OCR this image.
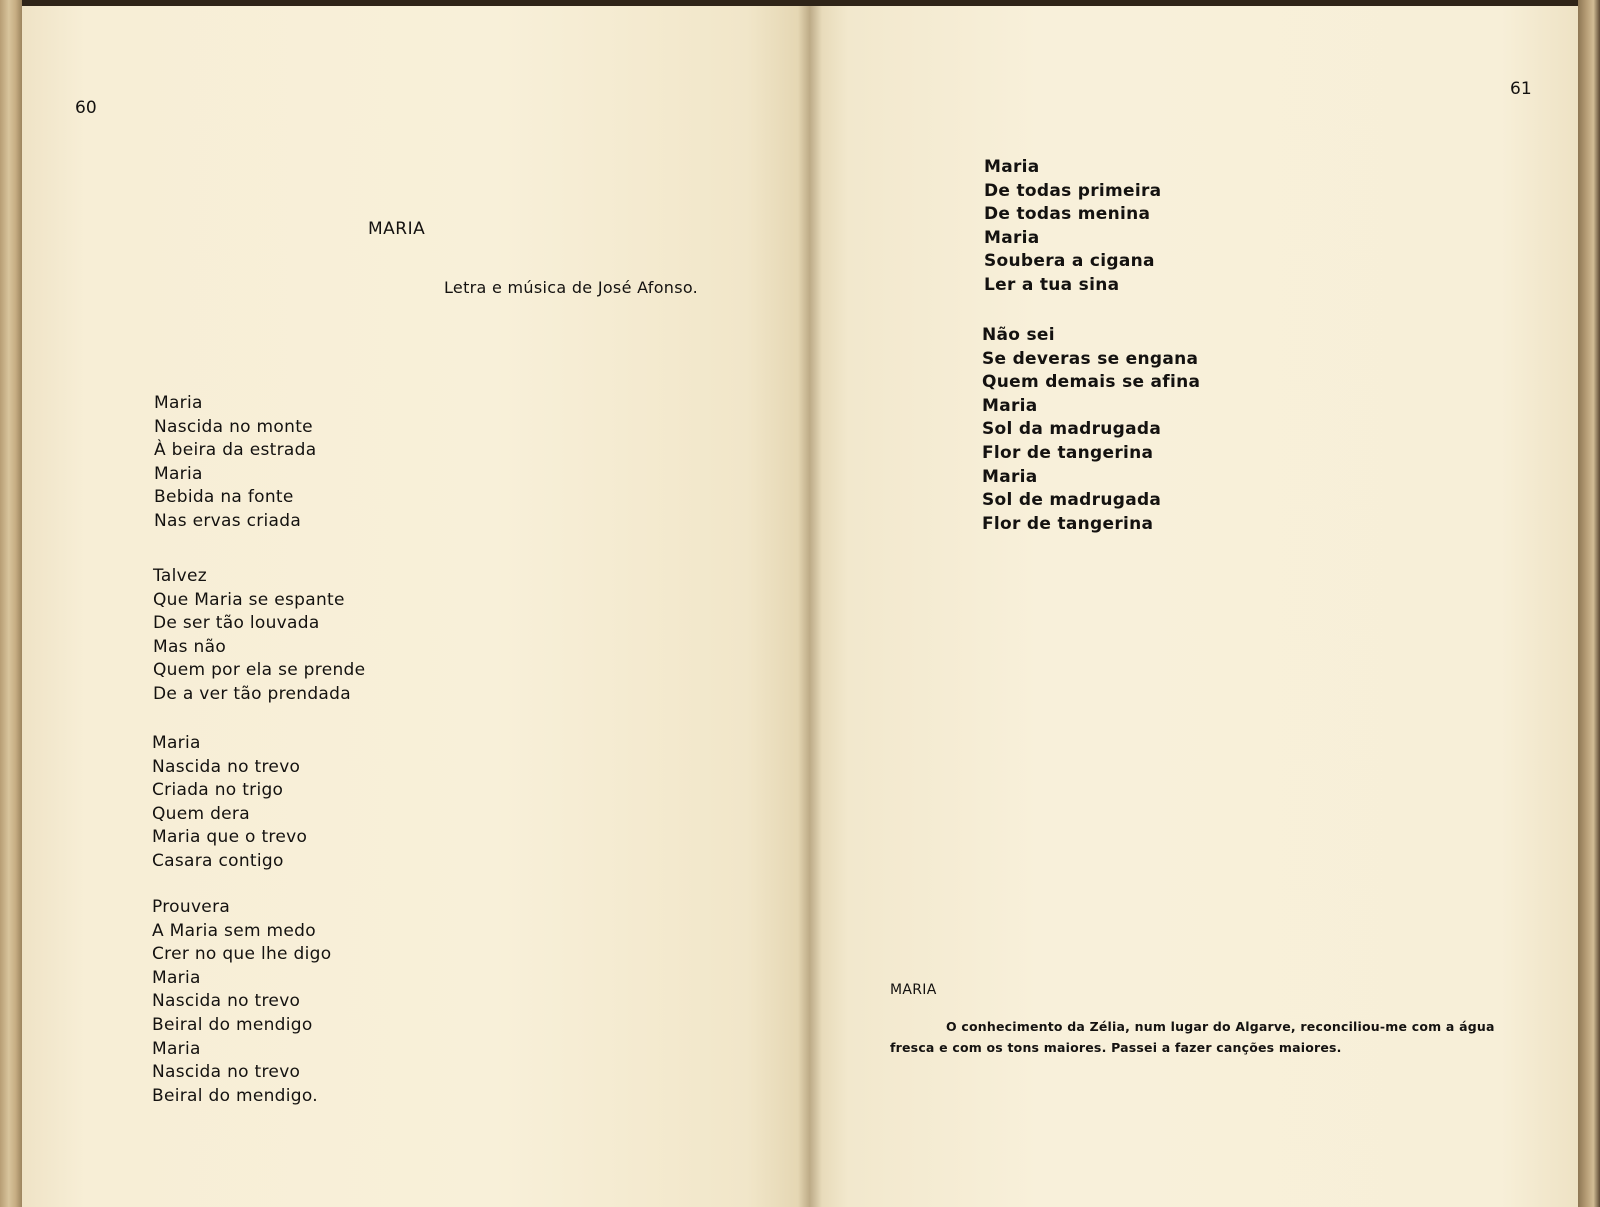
60
MARIA
Letra e música de José Afonso.
Maria
Nascida no monte
À beira da estrada
Maria
Bebida na fonte
Nas ervas criada
Talvez
Que Maria se espante
De ser tão louvada
Mas não
Quem por ela se prende
De a ver tão prendada
Maria
Nascida no trevo
Criada no trigo
Quem dera
Maria que o trevo
Casara contigo
Prouvera
A Maria sem medo
Crer no que lhe digo
Maria
Nascida no trevo
Beiral do mendigo
Maria
Nascida no trevo
Beiral do mendigo.
61
Maria
De todas primeira
De todas menina
Maria
Soubera a cigana
Ler a tua sina
Não sei
Se deveras se engana
Quem demais se afina
Maria
Sol da madrugada
Flor de tangerina
Maria
Sol de madrugada
Flor de tangerina
MARIA
O conhecimento da Zélia, num lugar do Algarve, reconciliou-me com a água fresca e com os tons maiores. Passei a fazer canções maiores.
